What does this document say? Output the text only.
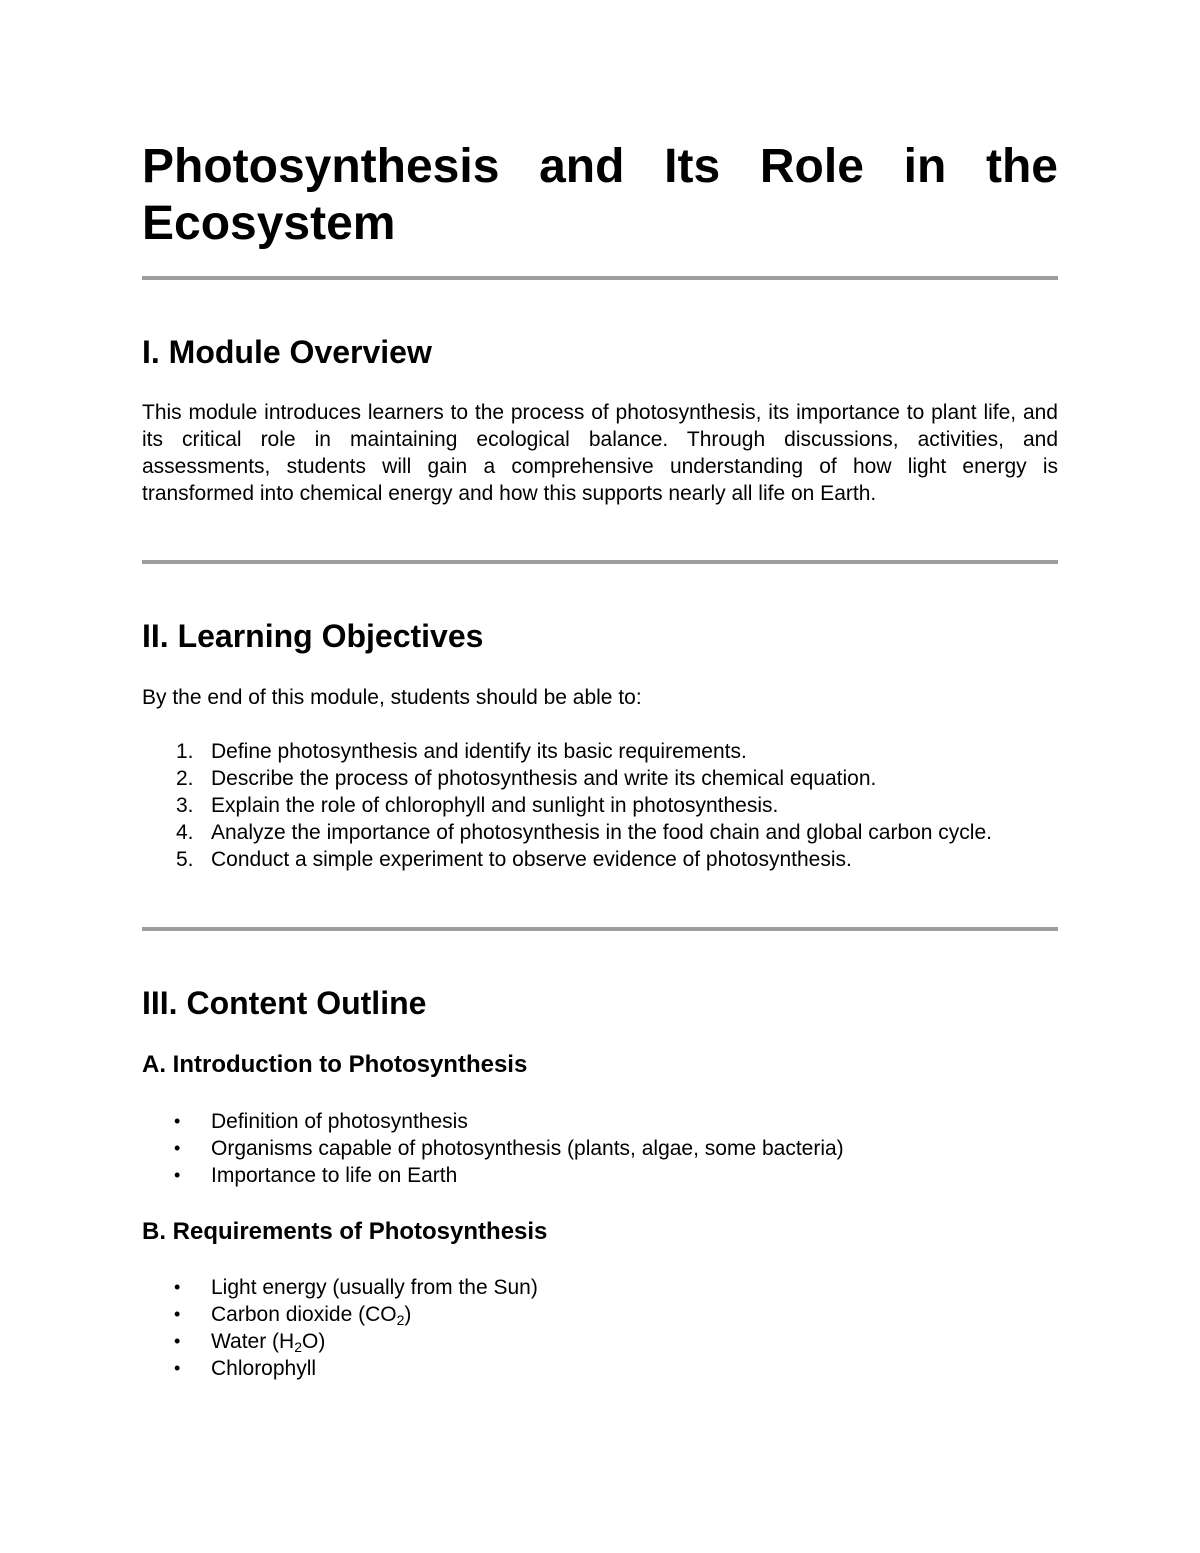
Photosynthesis and Its Role in the Ecosystem
I. Module Overview

This module introduces learners to the process of photosynthesis, its importance to plant life, and its critical role in maintaining ecological balance. Through discussions, activities, and assessments, students will gain a comprehensive understanding of how light energy is transformed into chemical energy and how this supports nearly all life on Earth.

II. Learning Objectives

By the end of this module, students should be able to:

1. Define photosynthesis and identify its basic requirements.
2. Describe the process of photosynthesis and write its chemical equation.
3. Explain the role of chlorophyll and sunlight in photosynthesis.
4. Analyze the importance of photosynthesis in the food chain and global carbon cycle.
5. Conduct a simple experiment to observe evidence of photosynthesis.
III. Content Outline
A. Introduction to Photosynthesis
•	Definition of photosynthesis
•	Organisms capable of photosynthesis (plants, algae, some bacteria)
•	Importance to life on Earth
B. Requirements of Photosynthesis
•	Light energy (usually from the Sun)
•	Carbon dioxide $(CO_2)$
•	Water $(H_2O)$
•	Chlorophyll
